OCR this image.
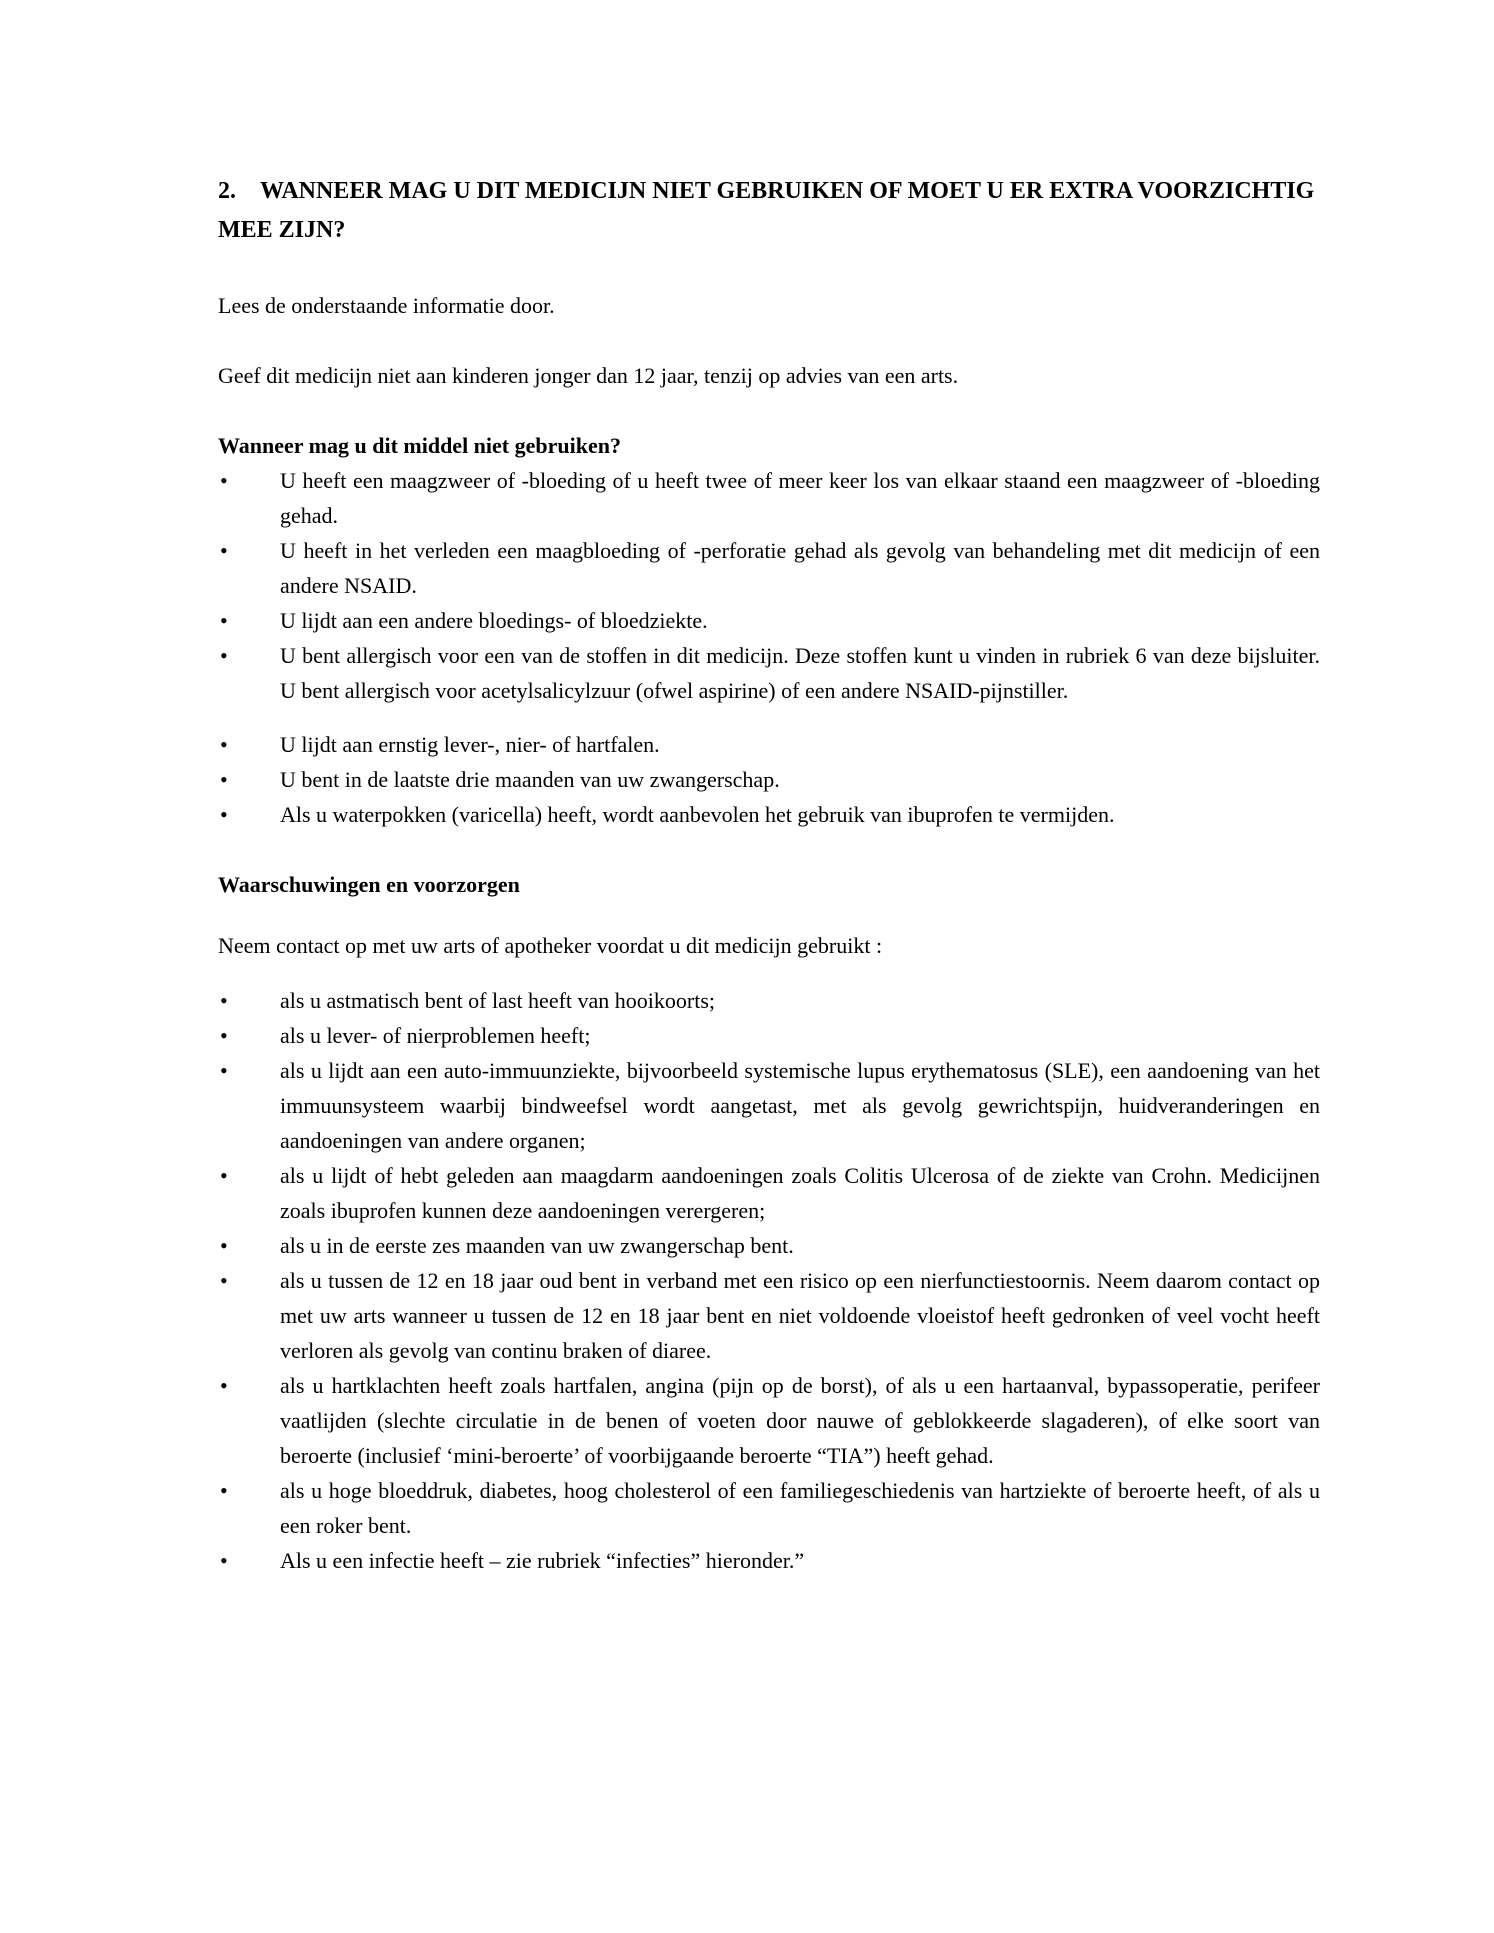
2. WANNEER MAG U DIT MEDICIJN NIET GEBRUIKEN OF MOET U ER EXTRA VOORZICHTIG MEE ZIJN?

Lees de onderstaande informatie door.

Geef dit medicijn niet aan kinderen jonger dan 12 jaar, tenzij op advies van een arts.

Wanneer mag u dit middel niet gebruiken?
• U heeft een maagzweer of -bloeding of u heeft twee of meer keer los van elkaar staand een maagzweer of -bloeding gehad.
• U heeft in het verleden een maagbloeding of -perforatie gehad als gevolg van behandeling met dit medicijn of een andere NSAID.
• U lijdt aan een andere bloedings- of bloedziekte.
• U bent allergisch voor een van de stoffen in dit medicijn. Deze stoffen kunt u vinden in rubriek 6 van deze bijsluiter. U bent allergisch voor acetylsalicylzuur (ofwel aspirine) of een andere NSAID-pijnstiller.
• U lijdt aan ernstig lever-, nier- of hartfalen.
• U bent in de laatste drie maanden van uw zwangerschap.
• Als u waterpokken (varicella) heeft, wordt aanbevolen het gebruik van ibuprofen te vermijden.
Waarschuwingen en voorzorgen

Neem contact op met uw arts of apotheker voordat u dit medicijn gebruikt :

• als u astmatisch bent of last heeft van hooikoorts;
• als u lever- of nierproblemen heeft;
• als u lijdt aan een auto-immuunziekte, bijvoorbeeld systemische lupus erythematosus (SLE), een aandoening van het immuunsysteem waarbij bindweefsel wordt aangetast, met als gevolg gewrichtspijn, huidveranderingen en aandoeningen van andere organen;
• als u lijdt of hebt geleden aan maagdarm aandoeningen zoals Colitis Ulcerosa of de ziekte van Crohn. Medicijnen zoals ibuprofen kunnen deze aandoeningen verergeren;
• als u in de eerste zes maanden van uw zwangerschap bent.
• als u tussen de 12 en 18 jaar oud bent in verband met een risico op een nierfunctiestoornis. Neem daarom contact op met uw arts wanneer u tussen de 12 en 18 jaar bent en niet voldoende vloeistof heeft gedronken of veel vocht heeft verloren als gevolg van continu braken of diaree.
• als u hartklachten heeft zoals hartfalen, angina (pijn op de borst), of als u een hartaanval, bypassoperatie, perifeer vaatlijden (slechte circulatie in de benen of voeten door nauwe of geblokkeerde slagaderen), of elke soort van beroerte (inclusief ‘mini-beroerte’ of voorbijgaande beroerte “TIA”) heeft gehad.
• als u hoge bloeddruk, diabetes, hoog cholesterol of een familiegeschiedenis van hartziekte of beroerte heeft, of als u een roker bent.
• Als u een infectie heeft – zie rubriek “infecties” hieronder.”
